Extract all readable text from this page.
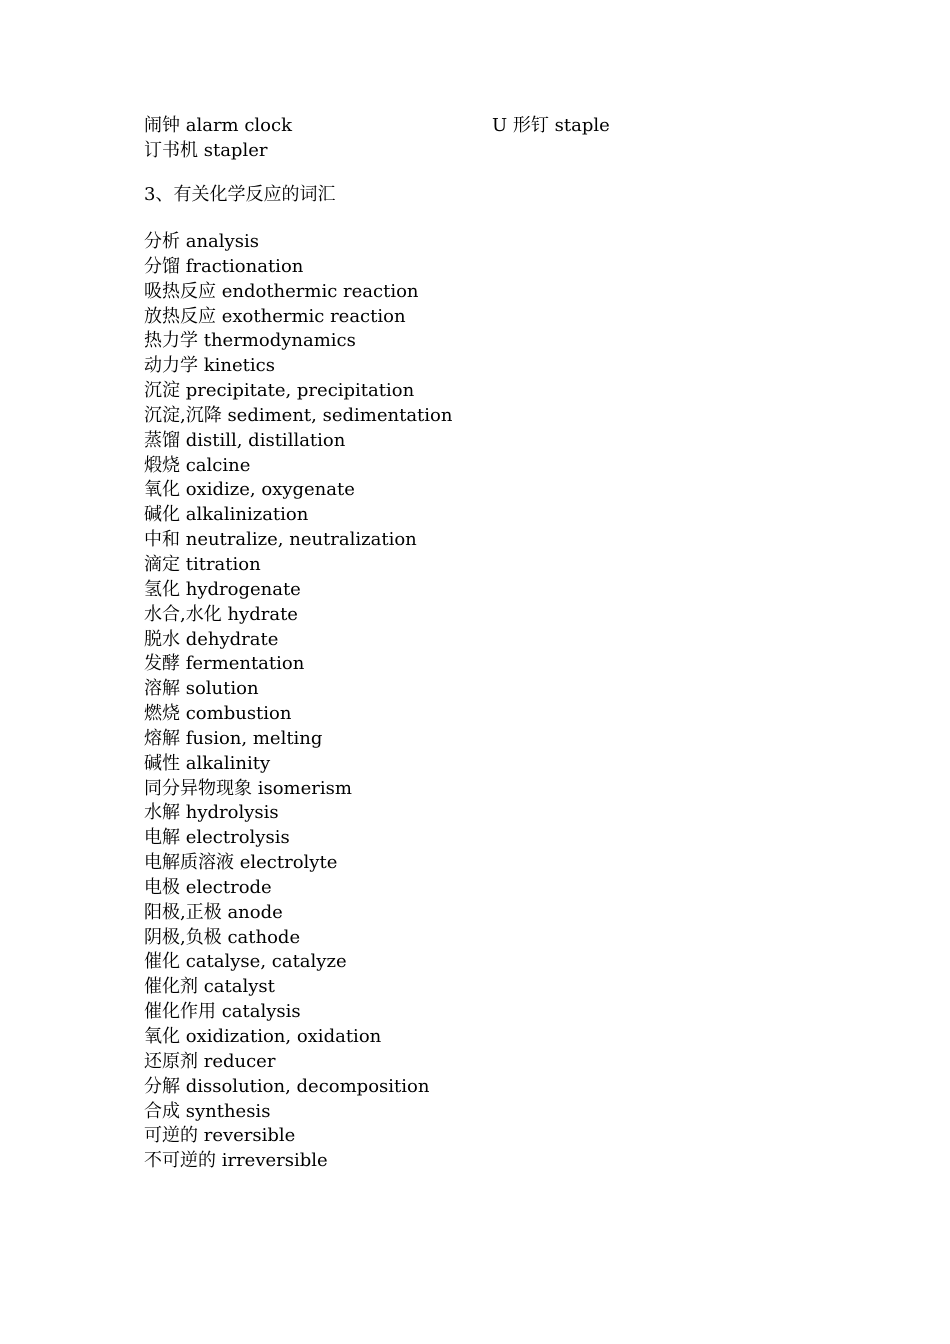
闹钟 alarm clock	U 形钉 staple
订书机 stapler
3、有关化学反应的词汇
分析 analysis
分馏 fractionation
吸热反应 endothermic reaction
放热反应 exothermic reaction
热力学 thermodynamics
动力学 kinetics
沉淀 precipitate, precipitation
沉淀,沉降 sediment, sedimentation
蒸馏 distill, distillation
煅烧 calcine
氧化 oxidize, oxygenate
碱化 alkalinization
中和 neutralize, neutralization
滴定 titration
氢化 hydrogenate
水合,水化 hydrate
脱水 dehydrate
发酵 fermentation
溶解 solution
燃烧 combustion
熔解 fusion, melting
碱性 alkalinity
同分异物现象 isomerism
水解 hydrolysis
电解 electrolysis
电解质溶液 electrolyte
电极 electrode
阳极,正极 anode
阴极,负极 cathode
催化 catalyse, catalyze
催化剂 catalyst
催化作用 catalysis
氧化 oxidization, oxidation
还原剂 reducer
分解 dissolution, decomposition
合成 synthesis
可逆的 reversible
不可逆的 irreversible
